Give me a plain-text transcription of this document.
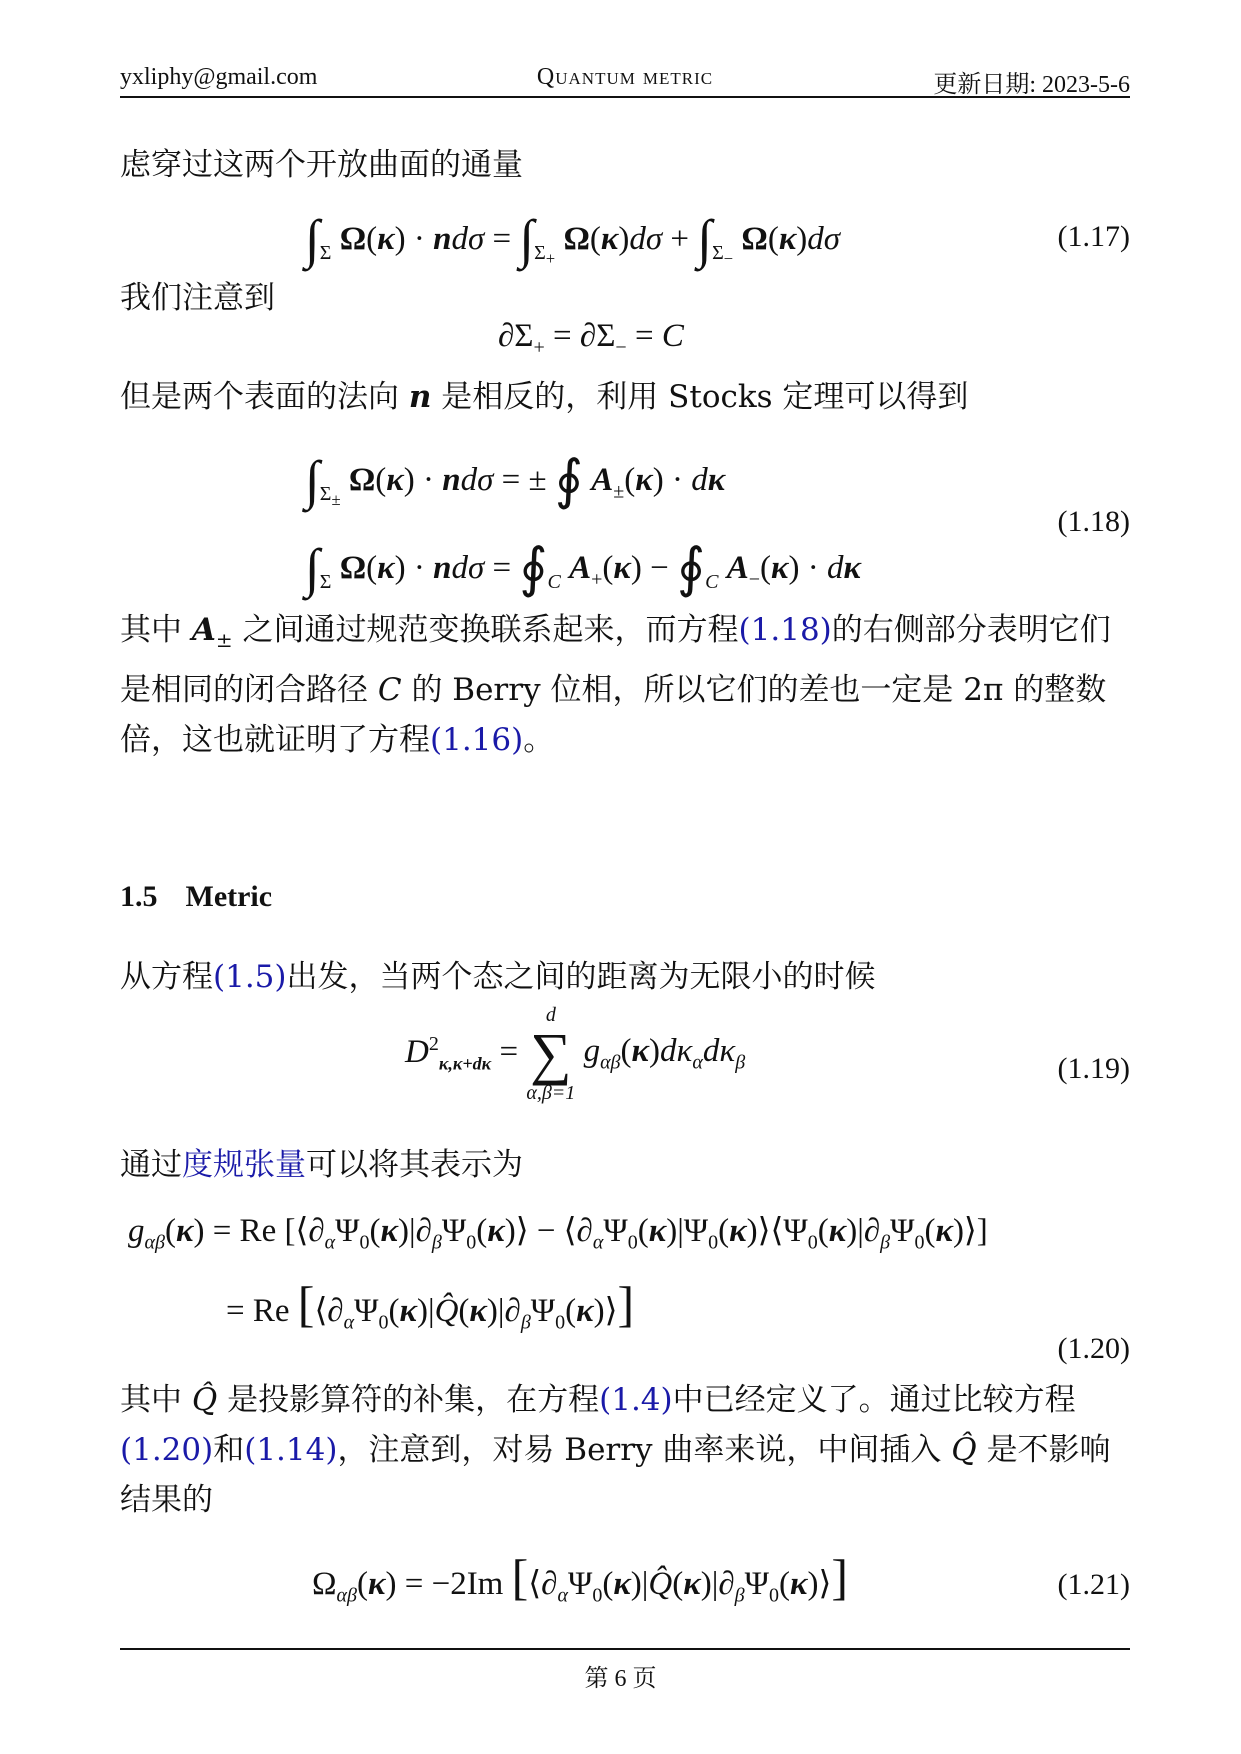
yxliphy@gmail.com	Quantum metric	更新日期: 2023-5-6
虑穿过这两个开放曲面的通量
$\int_\Sigma$ $\Omega(\kappa) \cdot nd\sigma = \int_{\Sigma_+}$ $\Omega(\kappa)d\sigma + \int_{\Sigma_-}$ Ω(κ)dσ	(1.17)
我们注意到
$\partial\Sigma_+ = \partial\Sigma_- = C$
但是两个表面的法向 n 是相反的，利用 Stocks 定理可以得到
$\int_{\Sigma_\pm}$ Ω(κ) · ndσ = ± ∮ $A_\pm(\kappa) \cdot d\kappa$
$\int_\Sigma$ $\Omega(\kappa) \cdot nd\sigma = ∮_C$ $A_+(\kappa)$ − $∮_C$ $A_-(\kappa) \cdot d\kappa$
(1.18)
其中 $A_\pm$ 之间通过规范变换联系起来，而方程(1.18)的右侧部分表明它们是相同的闭合路径 C 的 Berry 位相，所以它们的差也一定是 2π 的整数倍，这也就证明了方程(1.16)。
1.5 Metric
从方程(1.5)出发，当两个态之间的距离为无限小的时候
$D^2_{\kappa,\kappa+d\kappa}$ =
d
∑
α,β=1
$g_{\alpha\beta}(\kappa)d\kappa_\alpha d\kappa_\beta$	(1.19)
通过度规张量可以将其表示为
$g_{\alpha\beta}(\kappa) = Re$ [$⟨\partial_\alpha\Psi_0(\kappa)|\partial_\beta\Psi_0(\kappa)⟩$ − $⟨\partial_\alpha\Psi_0(\kappa)|\Psi_0(\kappa)⟩⟨\Psi_0(\kappa)|\partial_\beta\Psi_0(\kappa)⟩$]
= Re $[⟨\partial_\alpha\Psi_0(\kappa)|Q̂(\kappa)|\partial_\beta\Psi_0(\kappa)⟩]$
(1.20)
其中 Q̂ 是投影算符的补集，在方程(1.4)中已经定义了。通过比较方程(1.20)和(1.14)，注意到，对易 Berry 曲率来说，中间插入 Q̂ 是不影响结果的
$\Omega_{\alpha\beta}(\kappa) = -2Im$ $[⟨\partial_\alpha\Psi_0(\kappa)|Q̂(\kappa)|\partial_\beta\Psi_0(\kappa)⟩]$	(1.21)
第 6 页
